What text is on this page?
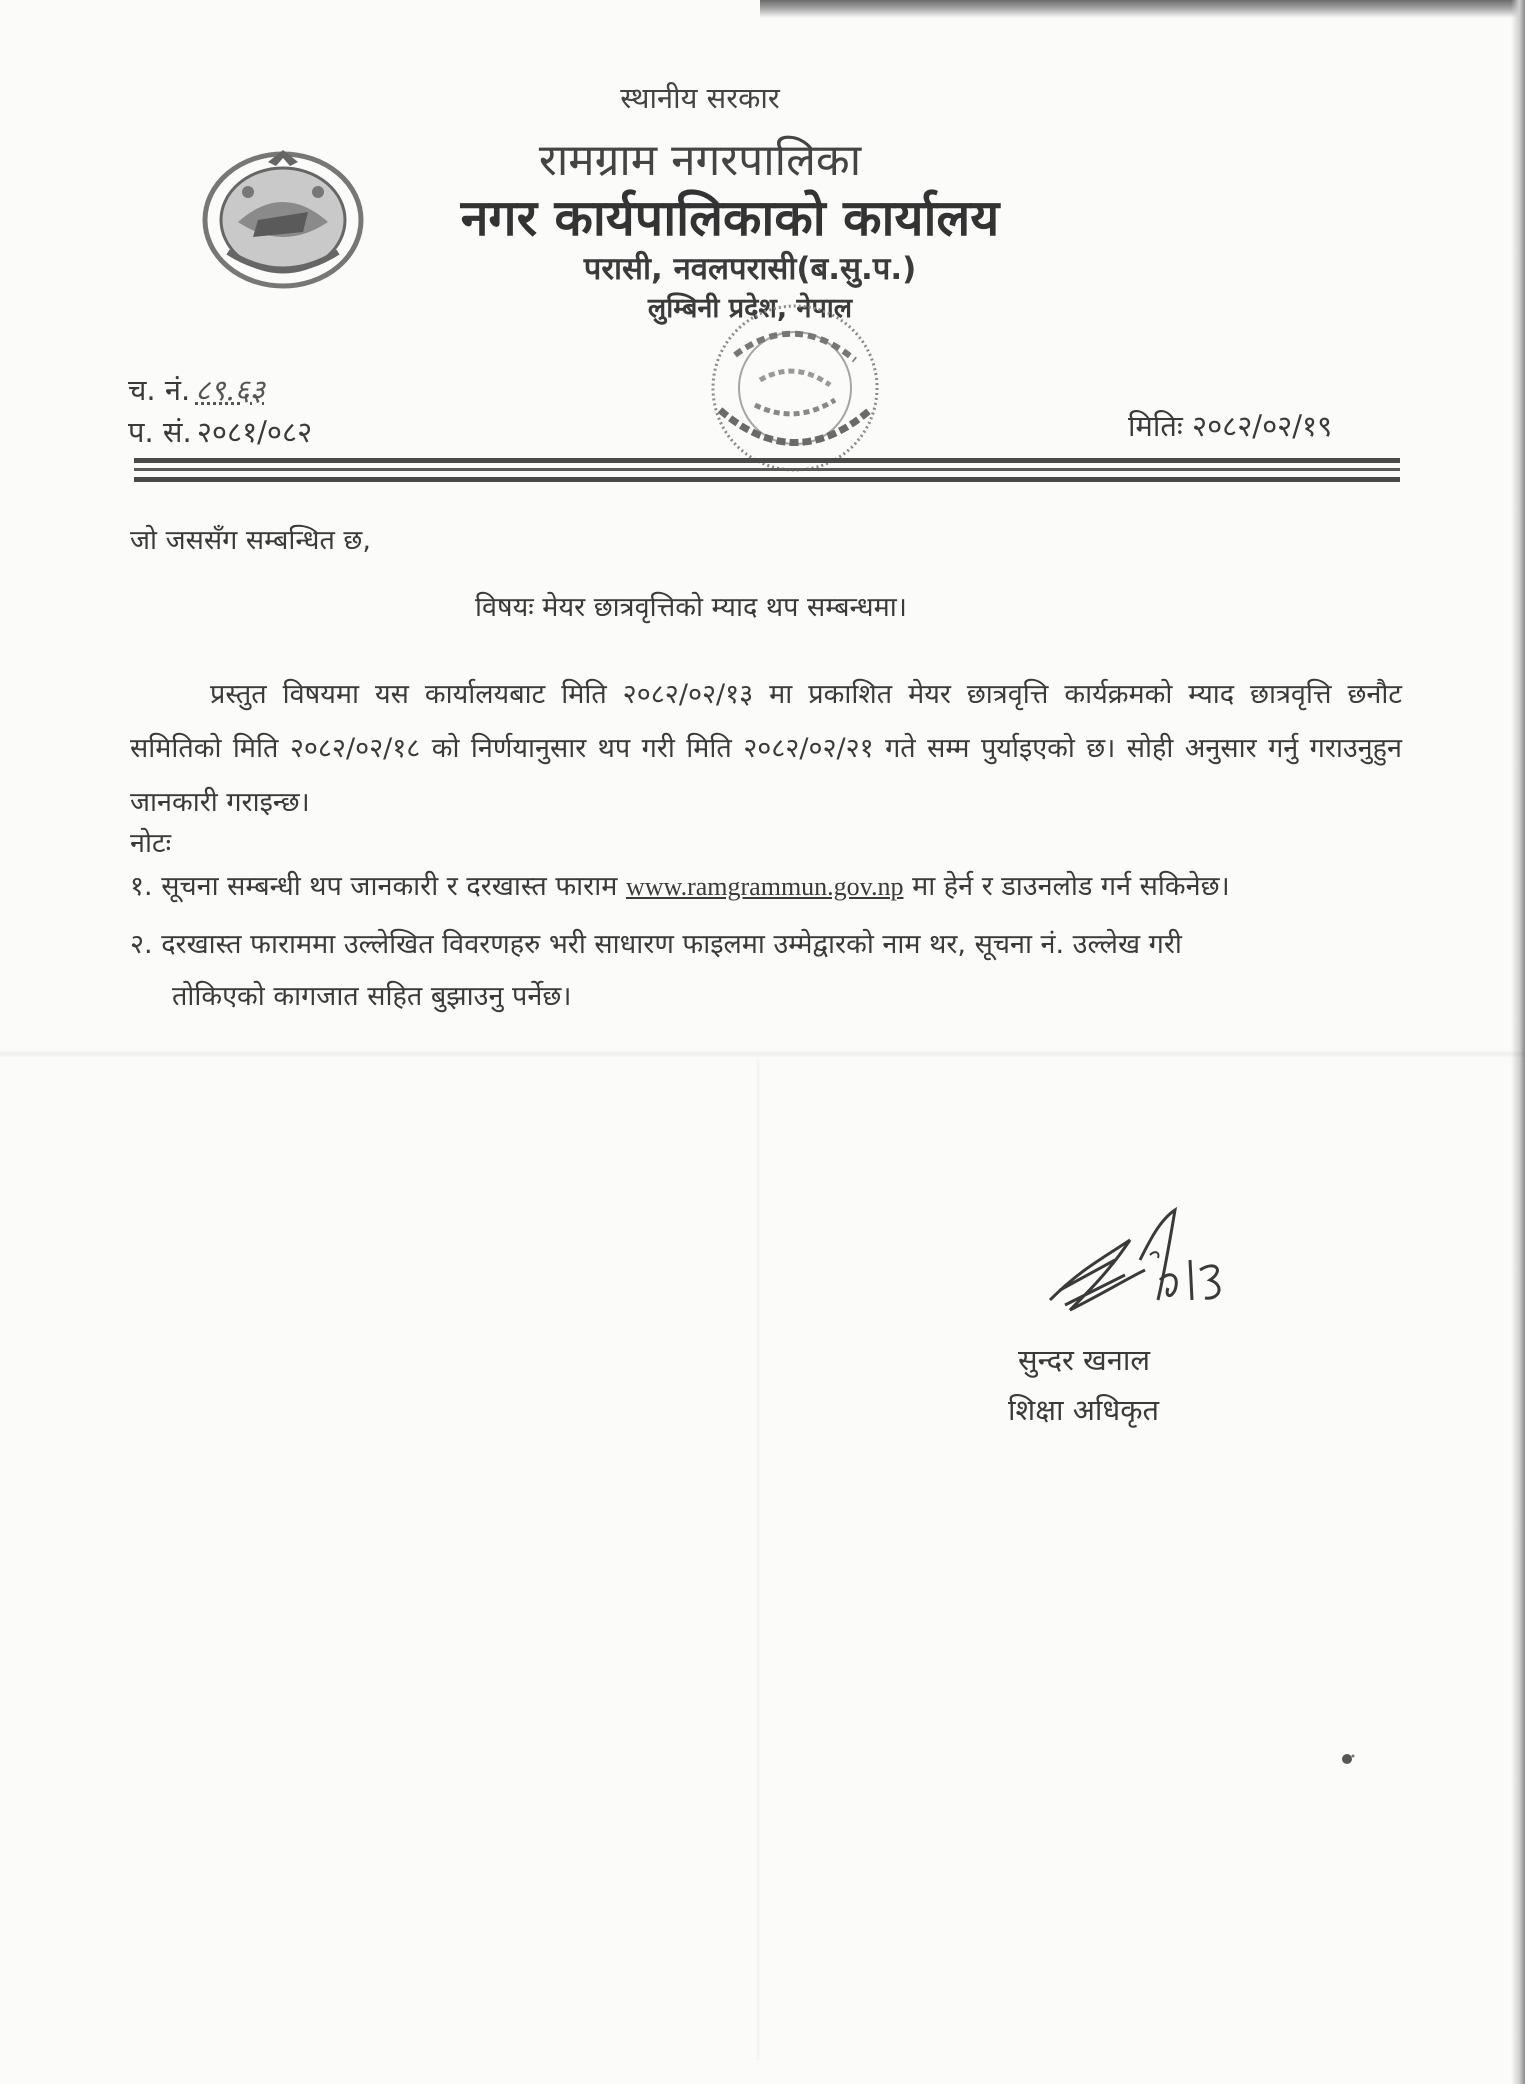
स्थानीय सरकार
रामग्राम नगरपालिका
नगर कार्यपालिकाको कार्यालय
परासी, नवलपरासी(ब.सु.प.)
लुम्बिनी प्रदेश, नेपाल
च. नं. ८९.६३
प. सं. २०८१/०८२	मितिः २०८२/०२/१९
जो जससँग सम्बन्धित छ,
विषयः मेयर छात्रवृत्तिको म्याद थप सम्बन्धमा।
प्रस्तुत विषयमा यस कार्यालयबाट मिति २०८२/०२/१३ मा प्रकाशित मेयर छात्रवृत्ति कार्यक्रमको म्याद छात्रवृत्ति छनौट समितिको मिति २०८२/०२/१८ को निर्णयानुसार थप गरी मिति २०८२/०२/२१ गते सम्म पुर्याइएको छ। सोही अनुसार गर्नु गराउनुहुन जानकारी गराइन्छ।
नोटः
१. सूचना सम्बन्धी थप जानकारी र दरखास्त फाराम www.ramgrammun.gov.np मा हेर्न र डाउनलोड गर्न सकिनेछ।
२. दरखास्त फाराममा उल्लेखित विवरणहरु भरी साधारण फाइलमा उम्मेद्वारको नाम थर, सूचना नं. उल्लेख गरी
तोकिएको कागजात सहित बुझाउनु पर्नेछ।
सुन्दर खनाल
शिक्षा अधिकृत
